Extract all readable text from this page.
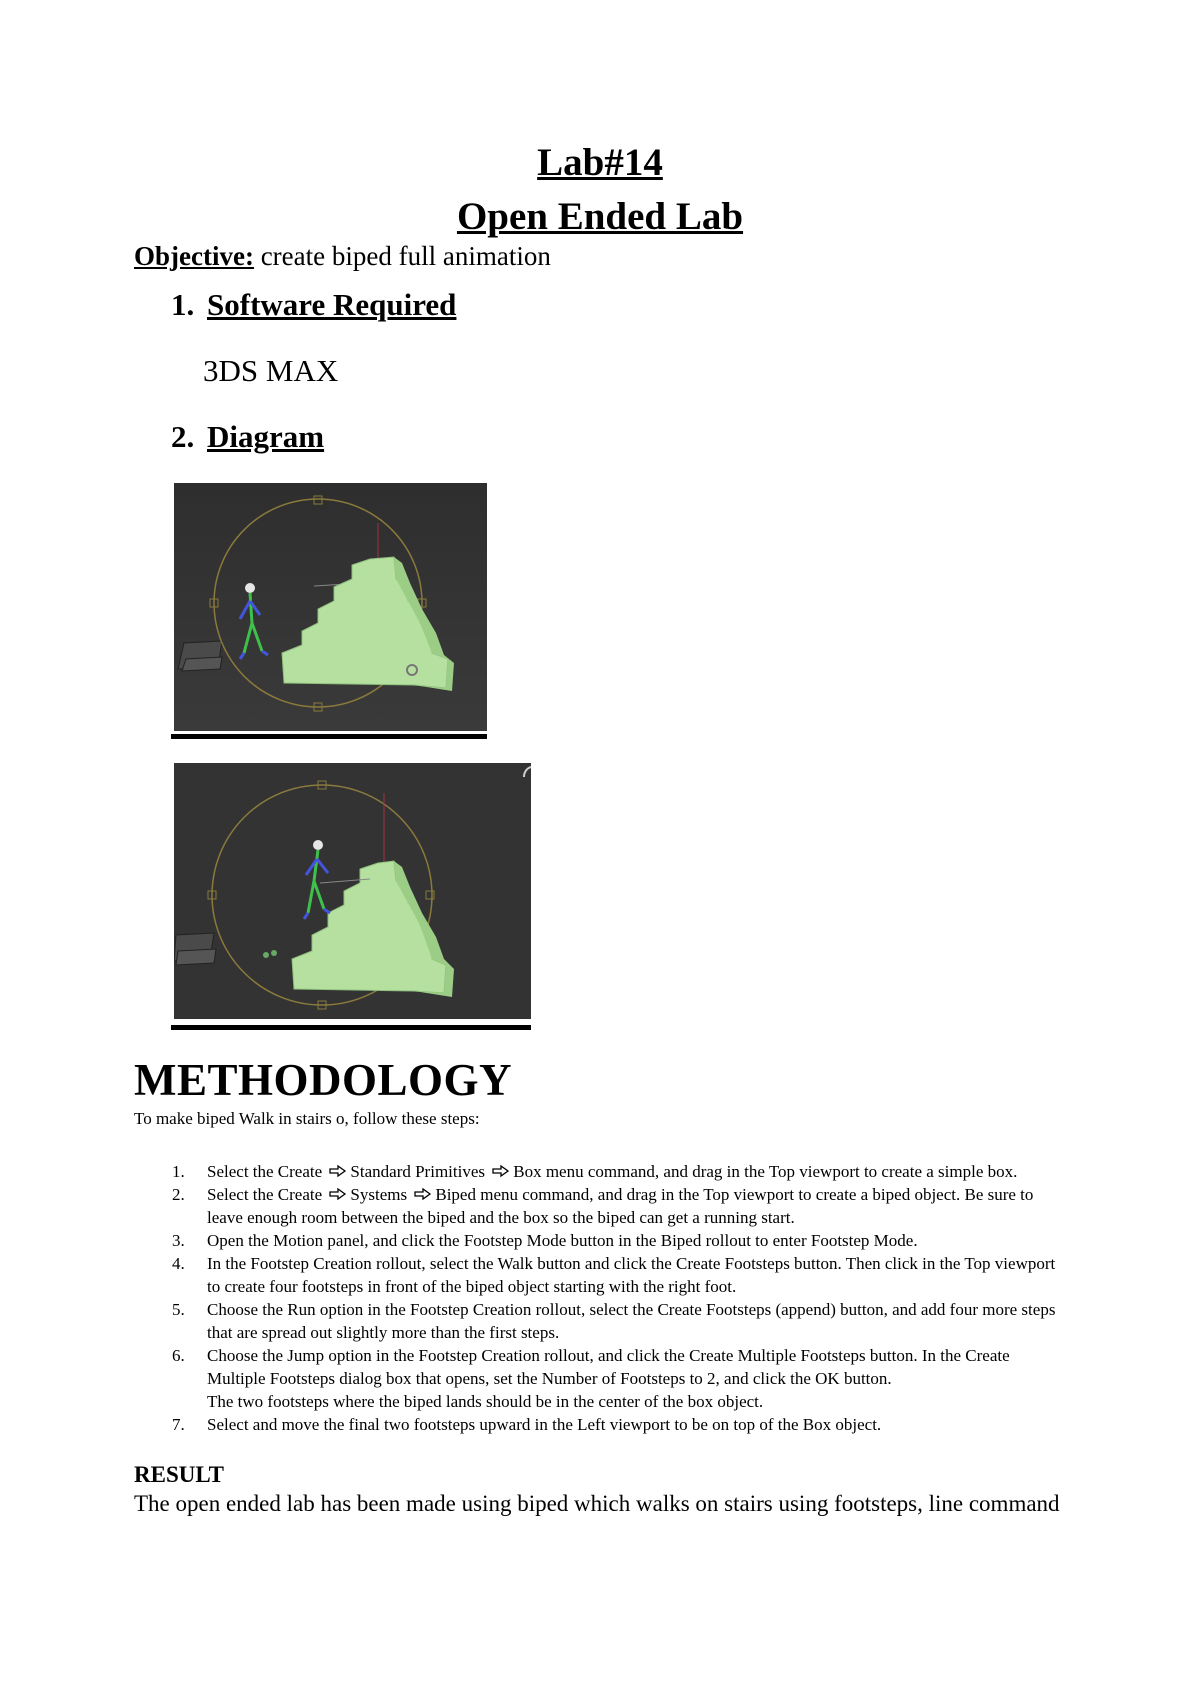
Lab#14
Open Ended Lab
Objective: create biped full animation
1. Software Required
3DS MAX
2. Diagram
METHODOLOGY
To make biped Walk in stairs o, follow these steps:
1. Select the Create Standard Primitives Box menu command, and drag in the Top viewport to create a simple box.
2. Select the Create Systems Biped menu command, and drag in the Top viewport to create a biped object. Be sure to
leave enough room between the biped and the box so the biped can get a running start.
3. Open the Motion panel, and click the Footstep Mode button in the Biped rollout to enter Footstep Mode.
4. In the Footstep Creation rollout, select the Walk button and click the Create Footsteps button. Then click in the Top viewport
to create four footsteps in front of the biped object starting with the right foot.
5. Choose the Run option in the Footstep Creation rollout, select the Create Footsteps (append) button, and add four more steps
that are spread out slightly more than the first steps.
6. Choose the Jump option in the Footstep Creation rollout, and click the Create Multiple Footsteps button. In the Create
Multiple Footsteps dialog box that opens, set the Number of Footsteps to 2, and click the OK button.
The two footsteps where the biped lands should be in the center of the box object.
7. Select and move the final two footsteps upward in the Left viewport to be on top of the Box object.
RESULT
The open ended lab has been made using biped which walks on stairs using footsteps, line command
